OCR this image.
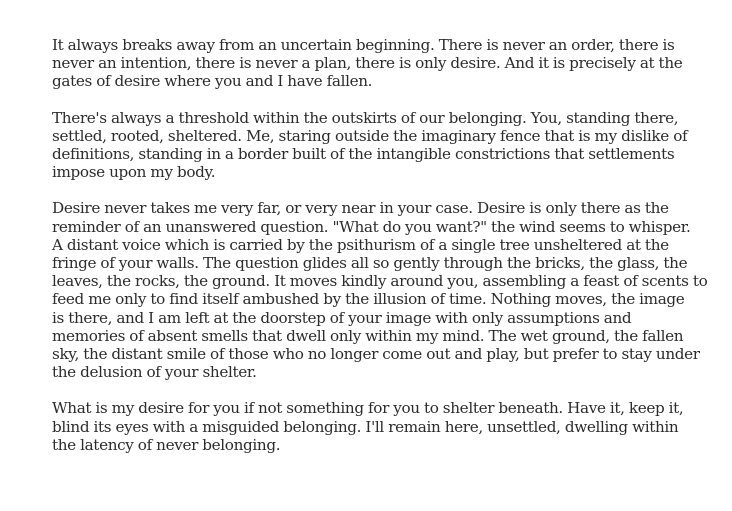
It always breaks away from an uncertain beginning. There is never an order, there is
never an intention, there is never a plan, there is only desire. And it is precisely at the
gates of desire where you and I have fallen.

There's always a threshold within the outskirts of our belonging. You, standing there,
settled, rooted, sheltered. Me, staring outside the imaginary fence that is my dislike of
definitions, standing in a border built of the intangible constrictions that settlements
impose upon my body.

Desire never takes me very far, or very near in your case. Desire is only there as the
reminder of an unanswered question. "What do you want?" the wind seems to whisper.
A distant voice which is carried by the psithurism of a single tree unsheltered at the
fringe of your walls. The question glides all so gently through the bricks, the glass, the
leaves, the rocks, the ground. It moves kindly around you, assembling a feast of scents to
feed me only to find itself ambushed by the illusion of time. Nothing moves, the image
is there, and I am left at the doorstep of your image with only assumptions and
memories of absent smells that dwell only within my mind. The wet ground, the fallen
sky, the distant smile of those who no longer come out and play, but prefer to stay under
the delusion of your shelter.

What is my desire for you if not something for you to shelter beneath. Have it, keep it,
blind its eyes with a misguided belonging. I'll remain here, unsettled, dwelling within
the latency of never belonging.
